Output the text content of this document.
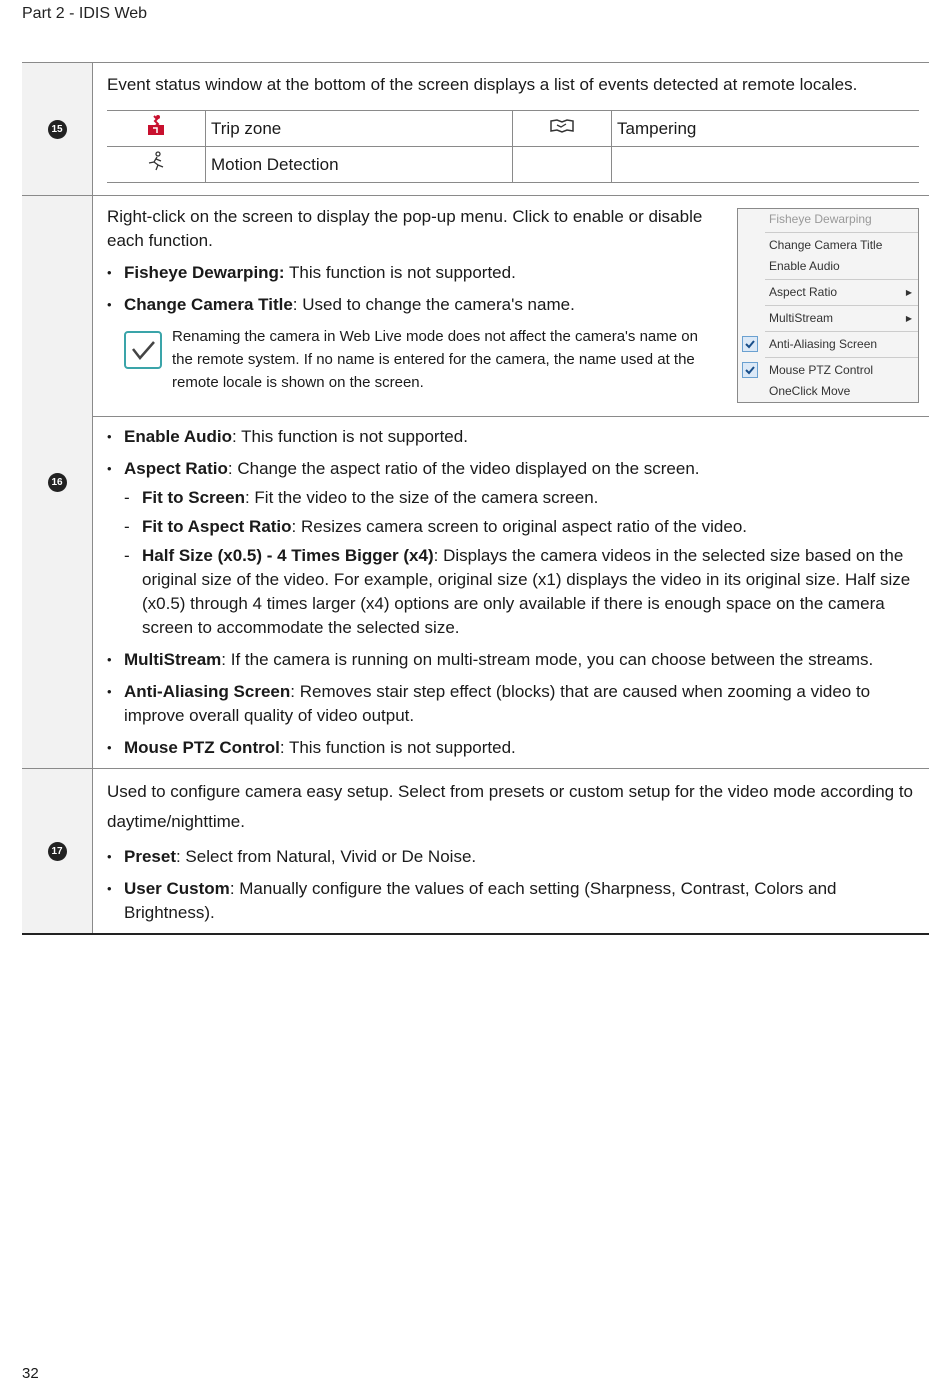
Part 2 - IDIS Web
15	

Event status window at the bottom of the screen displays a list of events detected at remote locales.

	Trip zone		Tampering
	Motion Detection		

16	

Right-click on the screen to display the pop-up menu. Click to enable or disable each function.

• Fisheye Dewarping: This function is not supported.

• Change Camera Title: Used to change the camera's name.

Renaming the camera in Web Live mode does not affect the camera's name on the remote system. If no name is entered for the camera, the name used at the remote locale is shown on the screen.
Fisheye Dewarping
Change Camera Title
Enable Audio
Aspect Ratio	▶
MultiStream	▶
Anti-Aliasing Screen
Mouse PTZ Control
OneClick Move

• Enable Audio: This function is not supported.

• Aspect Ratio: Change the aspect ratio of the video displayed on the screen.

- Fit to Screen: Fit the video to the size of the camera screen.

- Fit to Aspect Ratio: Resizes camera screen to original aspect ratio of the video.

- Half Size (x0.5) - 4 Times Bigger (x4): Displays the camera videos in the selected size based on the original size of the video. For example, original size (x1) displays the video in its original size. Half size (x0.5) through 4 times larger (x4) options are only available if there is enough space on the camera screen to accommodate the selected size.

• MultiStream: If the camera is running on multi-stream mode, you can choose between the streams.

• Anti-Aliasing Screen: Removes stair step effect (blocks) that are caused when zooming a video to improve overall quality of video output.

• Mouse PTZ Control: This function is not supported.

17	

Used to configure camera easy setup. Select from presets or custom setup for the video mode according to daytime/nighttime.

• Preset: Select from Natural, Vivid or De Noise.

• User Custom: Manually configure the values of each setting (Sharpness, Contrast, Colors and Brightness).

32
